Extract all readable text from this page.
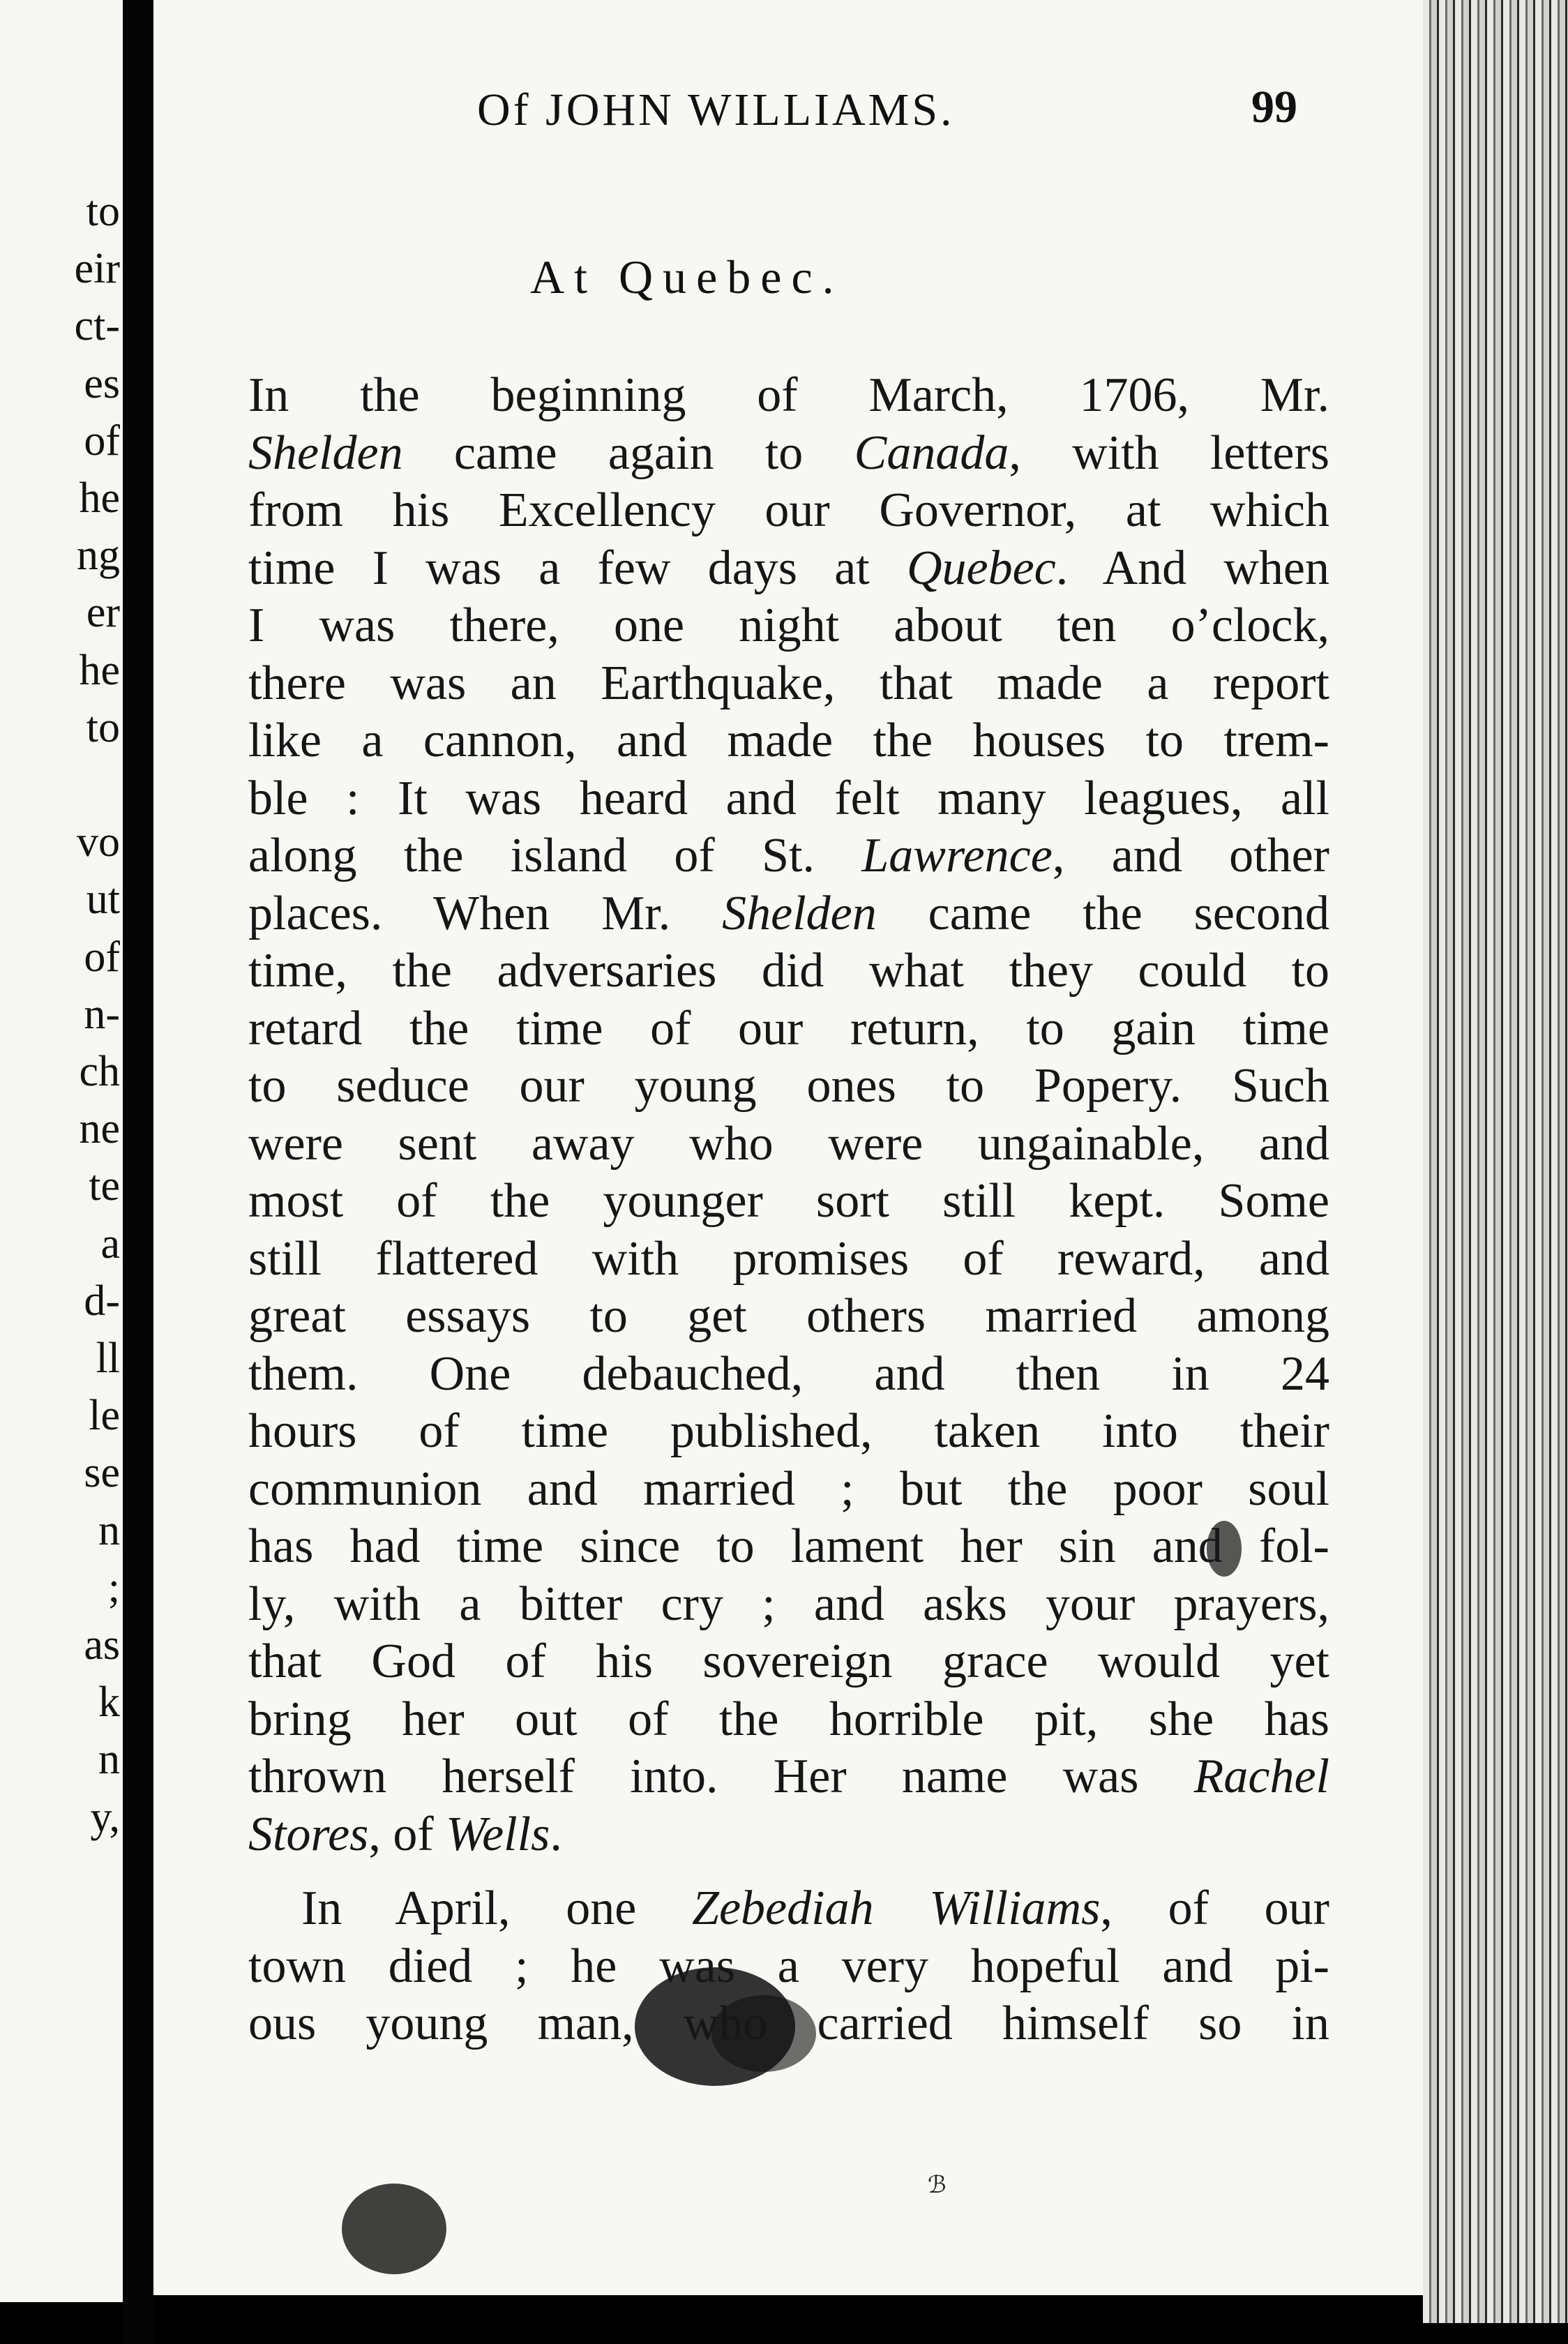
to
eir
ct-
es
of
he
ng
er
he
to

vo
ut
of
n-
ch
ne
te
a
d-
ll
le
se
n
;
as
k
n
y,
Of JOHN WILLIAMS.	99
At Quebec.
In the beginning of March, 1706, Mr.
Shelden came again to Canada, with letters
from his Excellency our Governor, at which
time I was a few days at Quebec. And when
I was there, one night about ten o’clock,
there was an Earthquake, that made a report
like a cannon, and made the houses to trem-
ble : It was heard and felt many leagues, all
along the island of St. Lawrence, and other
places. When Mr. Shelden came the second
time, the adversaries did what they could to
retard the time of our return, to gain time
to seduce our young ones to Popery. Such
were sent away who were ungainable, and
most of the younger sort still kept. Some
still flattered with promises of reward, and
great essays to get others married among
them. One debauched, and then in 24
hours of time published, taken into their
communion and married ; but the poor soul
has had time since to lament her sin and fol-
ly, with a bitter cry ; and asks your prayers,
that God of his sovereign grace would yet
bring her out of the horrible pit, she has
thrown herself into. Her name was Rachel
Stores, of Wells.
In April, one Zebediah Williams, of our
town died ; he was a very hopeful and pi-
ous young man, who carried himself so in
ℬ
